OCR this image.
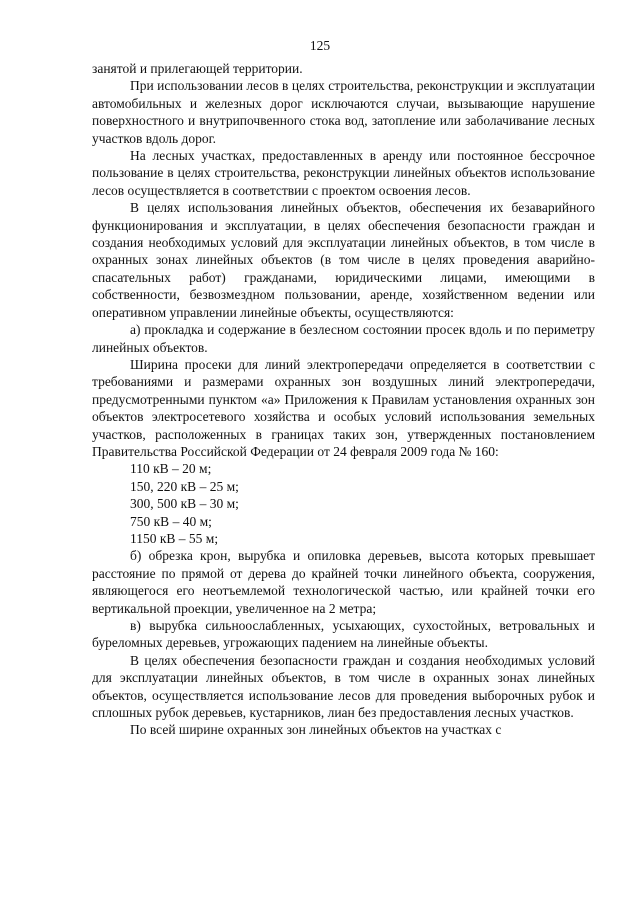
125

занятой и прилегающей территории.

При использовании лесов в целях строительства, реконструкции и эксплуатации автомобильных и железных дорог исключаются случаи, вызывающие нарушение поверхностного и внутрипочвенного стока вод, затопление или заболачивание лесных участков вдоль дорог.

На лесных участках, предоставленных в аренду или постоянное бессрочное пользование в целях строительства, реконструкции линейных объектов использование лесов осуществляется в соответствии с проектом освоения лесов.

В целях использования линейных объектов, обеспечения их безаварийного функционирования и эксплуатации, в целях обеспечения безопасности граждан и создания необходимых условий для эксплуатации линейных объектов, в том числе в охранных зонах линейных объектов (в том числе в целях проведения аварийно-спасательных работ) гражданами, юридическими лицами, имеющими в собственности, безвозмездном пользовании, аренде, хозяйственном ведении или оперативном управлении линейные объекты, осуществляются:

а) прокладка и содержание в безлесном состоянии просек вдоль и по периметру линейных объектов.

Ширина просеки для линий электропередачи определяется в соответствии с требованиями и размерами охранных зон воздушных линий электропередачи, предусмотренными пунктом «а» Приложения к Правилам установления охранных зон объектов электросетевого хозяйства и особых условий использования земельных участков, расположенных в границах таких зон, утвержденных постановлением Правительства Российской Федерации от 24 февраля 2009 года № 160:

110 кВ – 20 м;

150, 220 кВ – 25 м;

300, 500 кВ – 30 м;

750 кВ – 40 м;

1150 кВ – 55 м;

б) обрезка крон, вырубка и опиловка деревьев, высота которых превышает расстояние по прямой от дерева до крайней точки линейного объекта, сооружения, являющегося его неотъемлемой технологической частью, или крайней точки его вертикальной проекции, увеличенное на 2 метра;

в) вырубка сильноослабленных, усыхающих, сухостойных, ветровальных и буреломных деревьев, угрожающих падением на линейные объекты.

В целях обеспечения безопасности граждан и создания необходимых условий для эксплуатации линейных объектов, в том числе в охранных зонах линейных объектов, осуществляется использование лесов для проведения выборочных рубок и сплошных рубок деревьев, кустарников, лиан без предоставления лесных участков.

По всей ширине охранных зон линейных объектов на участках с
